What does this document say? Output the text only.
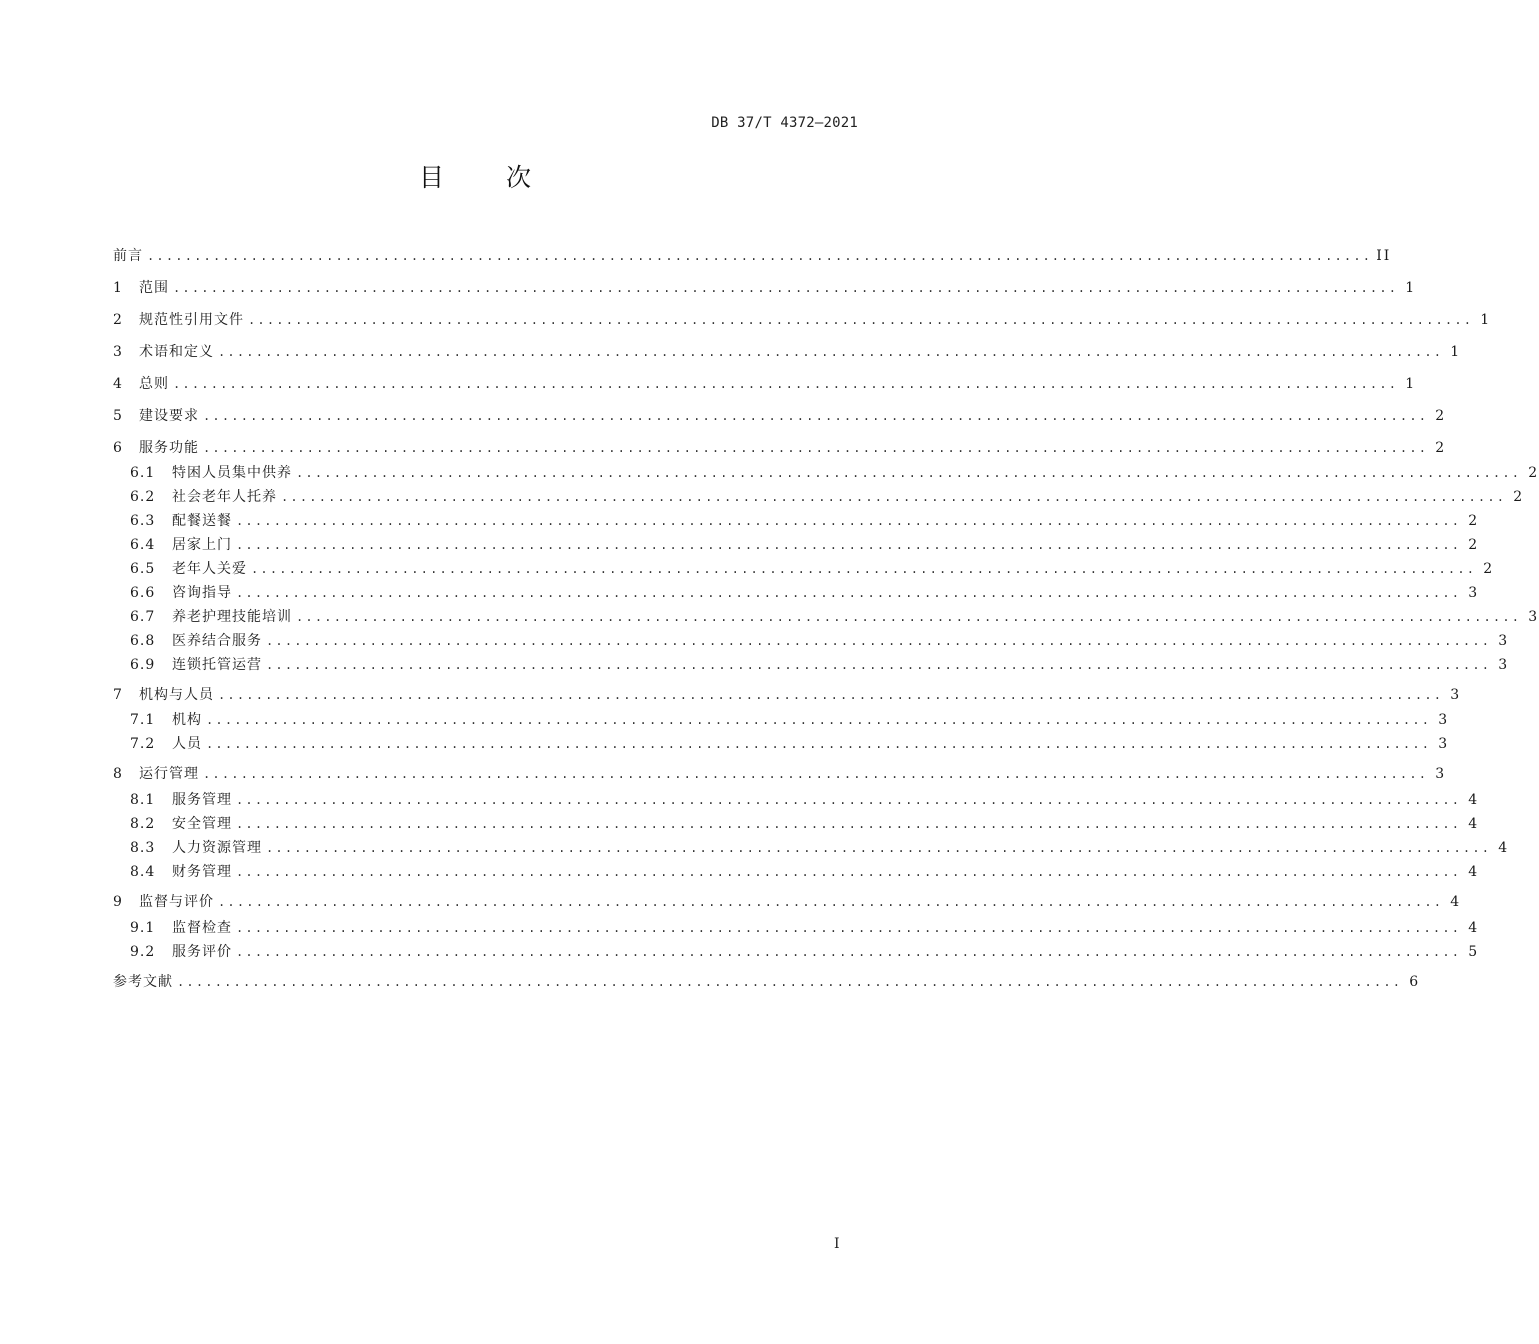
DB 37/T 4372—2021
目次
前言 .................................................................................................................................. II
1	范围 .................................................................................................................................. 1
2	规范性引用文件 .................................................................................................................................. 1
3	术语和定义 .................................................................................................................................. 1
4	总则 .................................................................................................................................. 1
5	建设要求 .................................................................................................................................. 2
6	服务功能 .................................................................................................................................. 2
6.1	特困人员集中供养 .................................................................................................................................. 2
6.2	社会老年人托养 .................................................................................................................................. 2
6.3	配餐送餐 .................................................................................................................................. 2
6.4	居家上门 .................................................................................................................................. 2
6.5	老年人关爱 .................................................................................................................................. 2
6.6	咨询指导 .................................................................................................................................. 3
6.7	养老护理技能培训 .................................................................................................................................. 3
6.8	医养结合服务 .................................................................................................................................. 3
6.9	连锁托管运营 .................................................................................................................................. 3
7	机构与人员 .................................................................................................................................. 3
7.1	机构 .................................................................................................................................. 3
7.2	人员 .................................................................................................................................. 3
8	运行管理 .................................................................................................................................. 3
8.1	服务管理 .................................................................................................................................. 4
8.2	安全管理 .................................................................................................................................. 4
8.3	人力资源管理 .................................................................................................................................. 4
8.4	财务管理 .................................................................................................................................. 4
9	监督与评价 .................................................................................................................................. 4
9.1	监督检查 .................................................................................................................................. 4
9.2	服务评价 .................................................................................................................................. 5
参考文献 .................................................................................................................................. 6
I
